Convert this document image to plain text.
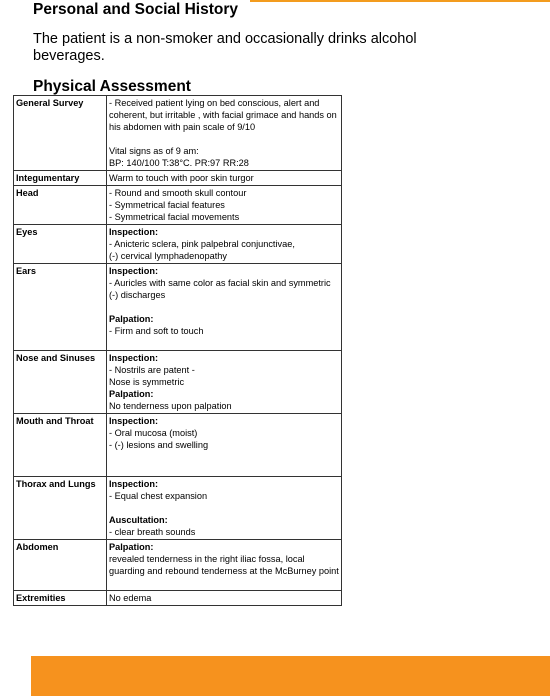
Personal and Social History

The patient is a non-smoker and occasionally drinks alcohol beverages.

Physical Assessment
General Survey	- Received patient lying on bed conscious, alert and coherent, but irritable , with facial grimace and hands on his abdomen with pain scale of 9/10
Vital signs as of 9 am:
BP: 140/100 T:38°C. PR:97 RR:28

Integumentary	Warm to touch with poor skin turgor

Head	- Round and smooth skull contour
- Symmetrical facial features
- Symmetrical facial movements

Eyes	Inspection:
- Anicteric sclera, pink palpebral conjunctivae,
(-) cervical lymphadenopathy

Ears	Inspection:
- Auricles with same color as facial skin and symmetric (-) discharges
Palpation:
- Firm and soft to touch

Nose and Sinuses	Inspection:
- Nostrils are patent -
Nose is symmetric
Palpation:
No tenderness upon palpation

Mouth and Throat	Inspection:
- Oral mucosa (moist)
- (-) lesions and swelling

Thorax and Lungs	Inspection:
- Equal chest expansion
Auscultation:
- clear breath sounds

Abdomen	Palpation:
revealed tenderness in the right iliac fossa, local guarding and rebound tenderness at the McBurney point

Extremities	No edema
